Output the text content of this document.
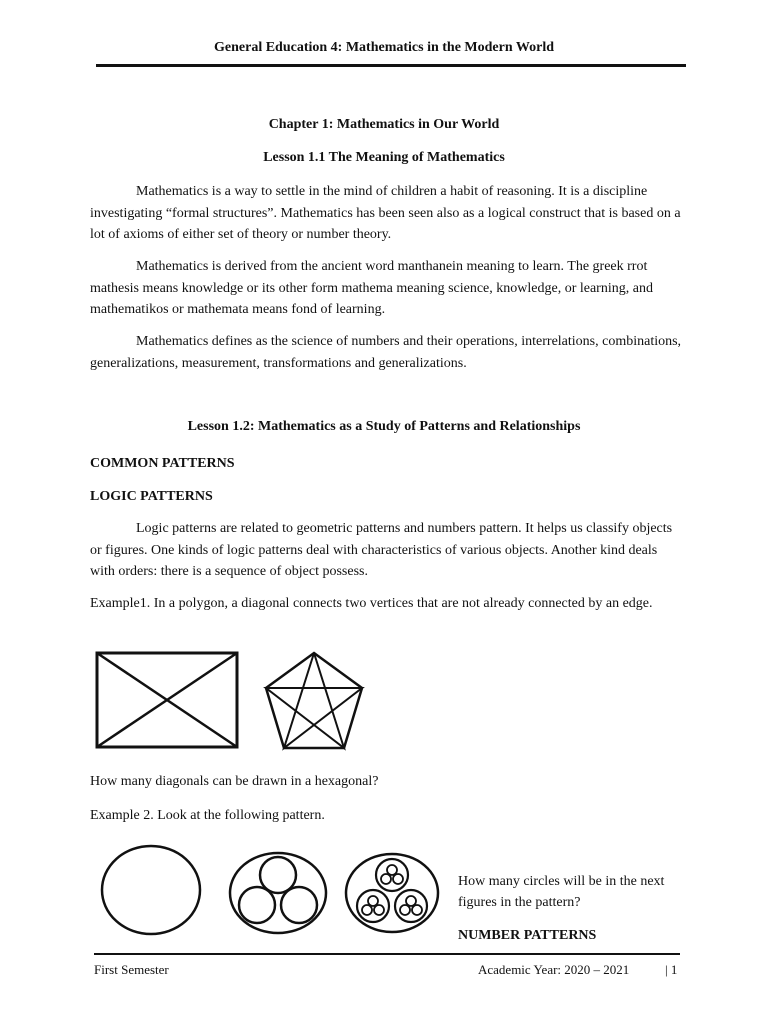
General Education 4: Mathematics in the Modern World
Chapter 1: Mathematics in Our World
Lesson 1.1 The Meaning of Mathematics

Mathematics is a way to settle in the mind of children a habit of reasoning. It is a discipline investigating “formal structures”. Mathematics has been seen also as a logical construct that is based on a lot of axioms of either set of theory or number theory.

Mathematics is derived from the ancient word manthanein meaning to learn. The greek rrot mathesis means knowledge or its other form mathema meaning science, knowledge, or learning, and mathematikos or mathemata means fond of learning.

Mathematics defines as the science of numbers and their operations, interrelations, combinations, generalizations, measurement, transformations and generalizations.

Lesson 1.2: Mathematics as a Study of Patterns and Relationships
COMMON PATTERNS
LOGIC PATTERNS

Logic patterns are related to geometric patterns and numbers pattern. It helps us classify objects or figures. One kinds of logic patterns deal with characteristics of various objects. Another kind deals with orders: there is a sequence of object possess.

Example1. In a polygon, a diagonal connects two vertices that are not already connected by an edge.

How many diagonals can be drawn in a hexagonal?

Example 2. Look at the following pattern.

How many circles will be in the next figures in the pattern?

NUMBER PATTERNS
First Semester	Academic Year: 2020 – 2021	| 1
